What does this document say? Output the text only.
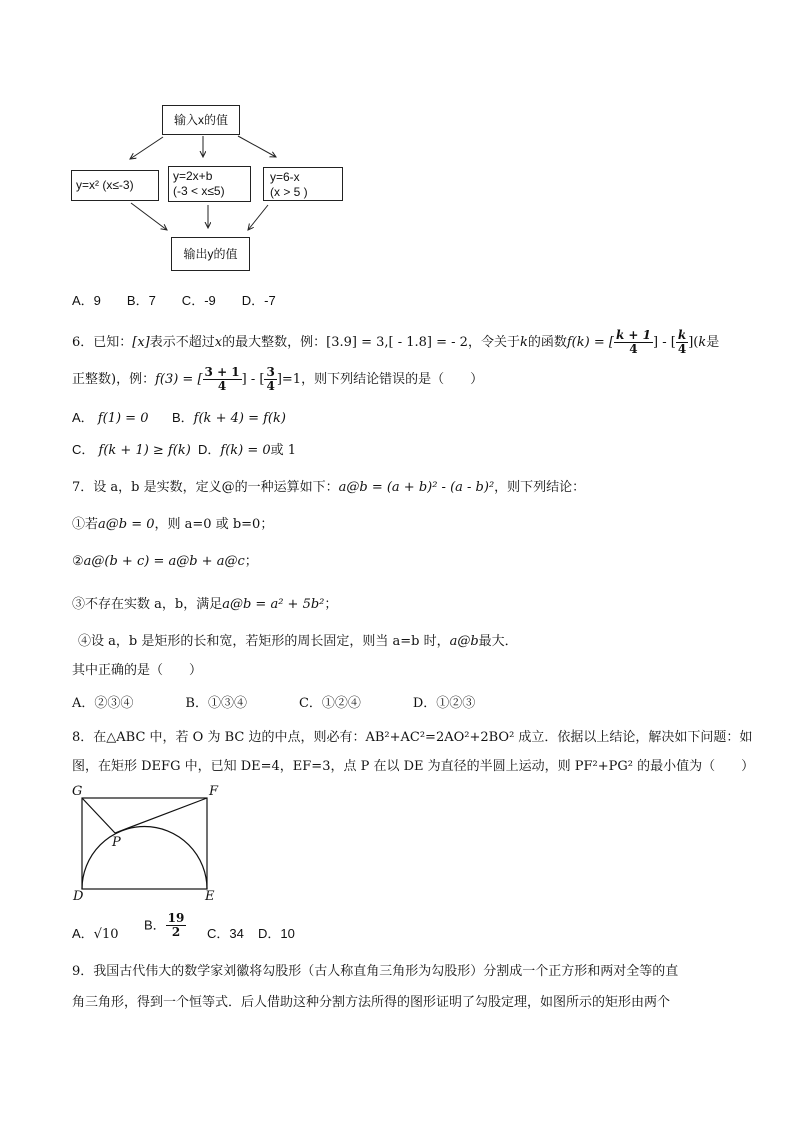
输入x的值
y=x² (x≤-3)
y=2x+b
(-3 < x≤5)
y=6-x
(x > 5 )
输出y的值
A．9　　B．7　　C．-9　　D．-7
6．已知：[x]表示不超过x的最大整数，例：[3.9] = 3,[ - 1.8] = - 2，令关于k的函数f(k) = [ $\frac{k + 1}{4}$ ] - [ $\frac{k}{4} ](k$是
正整数)，例：f(3) = [ $\frac{3 + 1}{4}$ ] - [ $\frac{3}{4} ]=1$，则下列结论错误的是（　　）
A． f(1) = 0 B．f(k + 4) = f(k)
C． f(k + 1) ≥ f(k) D．f(k) = 0或 1
7．设 a，b 是实数，定义@的一种运算如下：a@b = (a + b)² - (a - b)²，则下列结论：
①若a@b = 0，则 a=0 或 b=0；
②a@(b + c) = a@b + a@c；
③不存在实数 a，b，满足a@b = a² + 5b²；
④设 a，b 是矩形的长和宽，若矩形的周长固定，则当 a=b 时，a@b最大．
其中正确的是（　　）
A．②③④　　　　B．①③④　　　　C．①②④　　　　D．①②③
8．在△ABC 中，若 O 为 BC 边的中点，则必有：AB²+AC²=2AO²+2BO² 成立．依据以上结论，解决如下问题：如
图，在矩形 DEFG 中，已知 DE=4，EF=3，点 P 在以 DE 为直径的半圆上运动，则 PF²+PG² 的最小值为（　　）
G	F
P
D	E
A．√10
B． $\frac{19}{2}$ C．34 D．10
9．我国古代伟大的数学家刘徽将勾股形（古人称直角三角形为勾股形）分割成一个正方形和两对全等的直
角三角形，得到一个恒等式．后人借助这种分割方法所得的图形证明了勾股定理，如图所示的矩形由两个
